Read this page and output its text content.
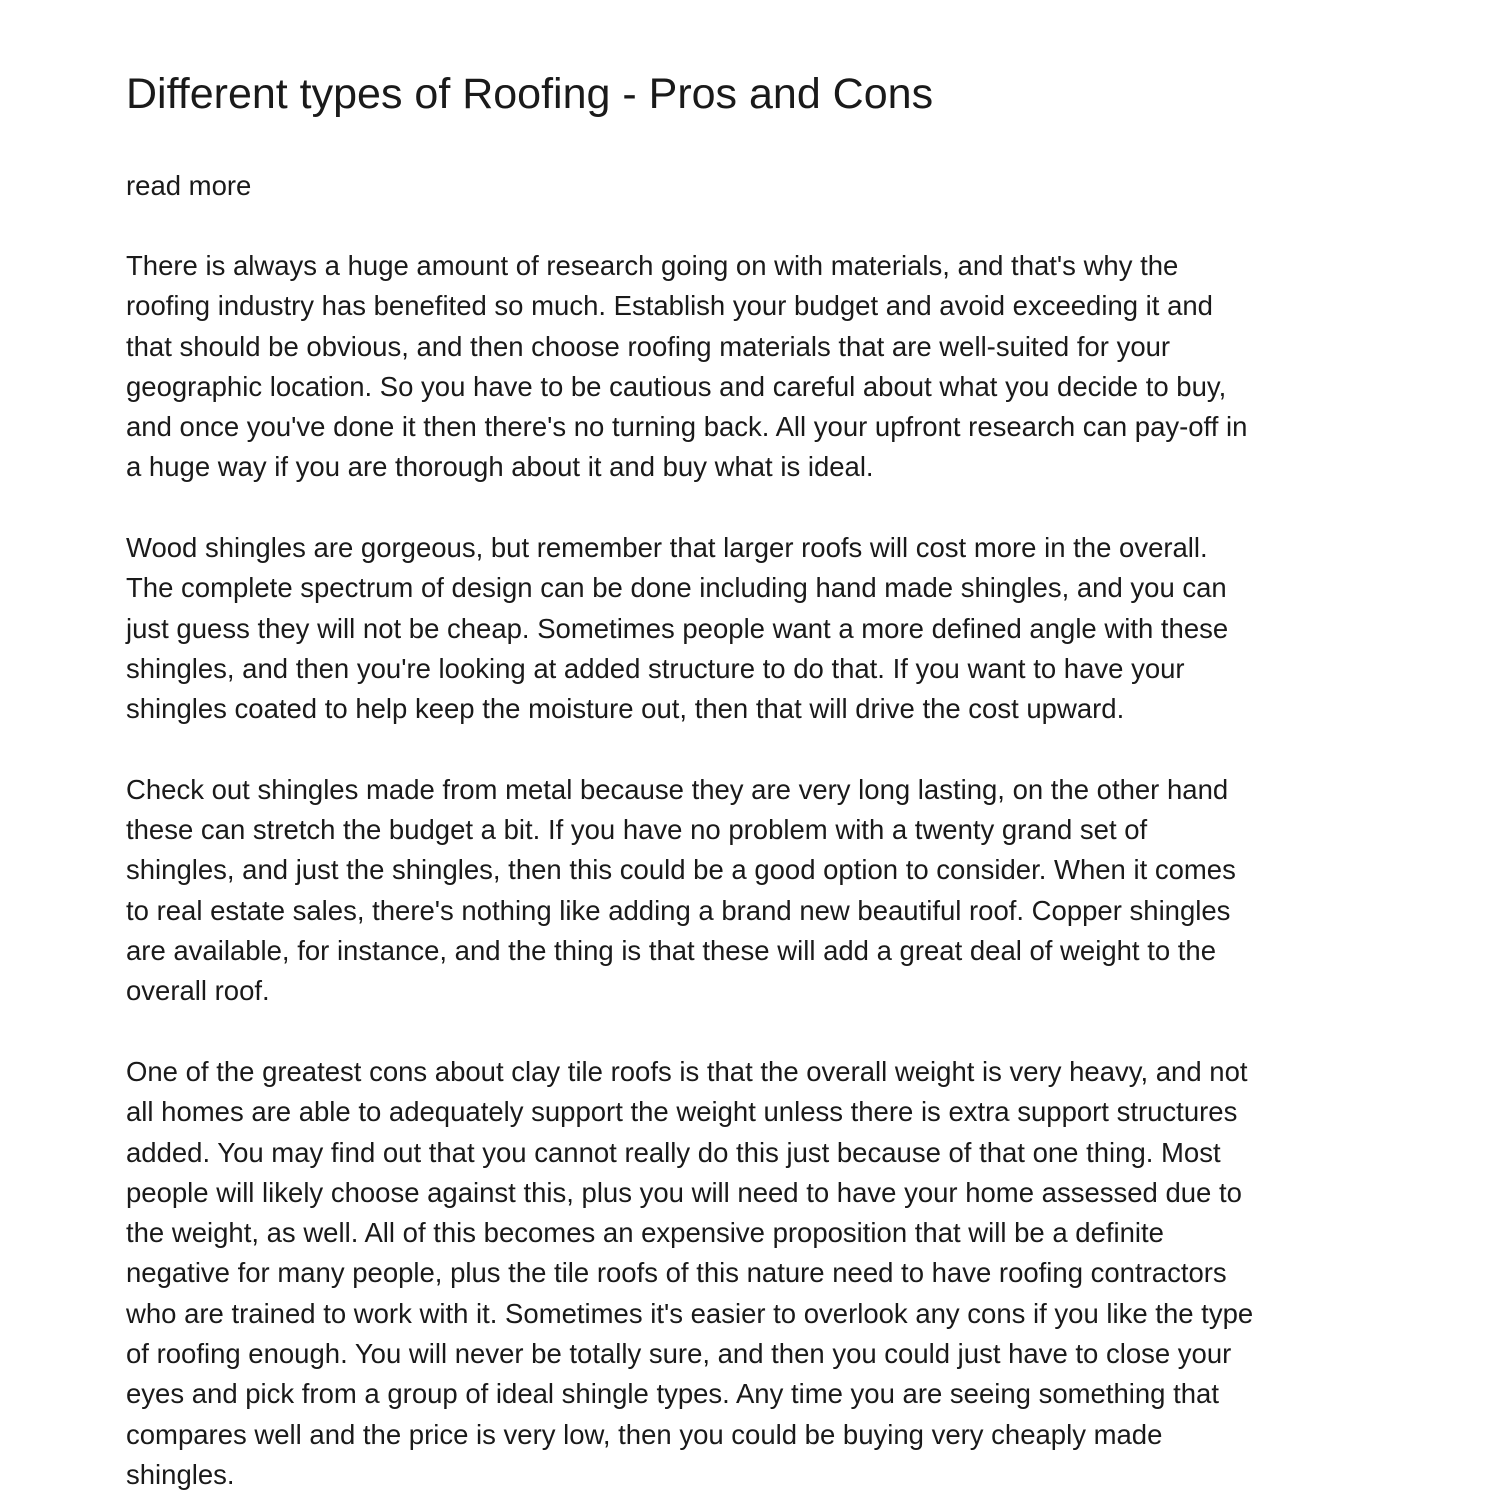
Different types of Roofing - Pros and Cons

read more

There is always a huge amount of research going on with materials, and that's why the
roofing industry has benefited so much. Establish your budget and avoid exceeding it and
that should be obvious, and then choose roofing materials that are well-suited for your
geographic location. So you have to be cautious and careful about what you decide to buy,
and once you've done it then there's no turning back. All your upfront research can pay-off in
a huge way if you are thorough about it and buy what is ideal.
Wood shingles are gorgeous, but remember that larger roofs will cost more in the overall.
The complete spectrum of design can be done including hand made shingles, and you can
just guess they will not be cheap. Sometimes people want a more defined angle with these
shingles, and then you're looking at added structure to do that. If you want to have your
shingles coated to help keep the moisture out, then that will drive the cost upward.
Check out shingles made from metal because they are very long lasting, on the other hand
these can stretch the budget a bit. If you have no problem with a twenty grand set of
shingles, and just the shingles, then this could be a good option to consider. When it comes
to real estate sales, there's nothing like adding a brand new beautiful roof. Copper shingles
are available, for instance, and the thing is that these will add a great deal of weight to the
overall roof.
One of the greatest cons about clay tile roofs is that the overall weight is very heavy, and not
all homes are able to adequately support the weight unless there is extra support structures
added. You may find out that you cannot really do this just because of that one thing. Most
people will likely choose against this, plus you will need to have your home assessed due to
the weight, as well. All of this becomes an expensive proposition that will be a definite
negative for many people, plus the tile roofs of this nature need to have roofing contractors
who are trained to work with it. Sometimes it's easier to overlook any cons if you like the type
of roofing enough. You will never be totally sure, and then you could just have to close your
eyes and pick from a group of ideal shingle types. Any time you are seeing something that
compares well and the price is very low, then you could be buying very cheaply made
shingles.
